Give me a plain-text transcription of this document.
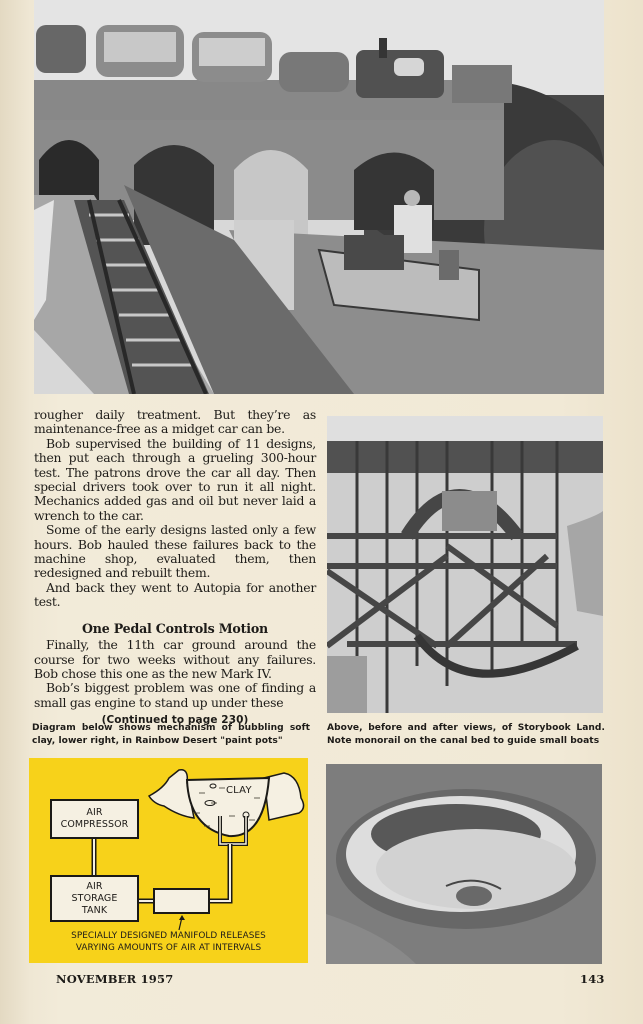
rougher daily treatment. But they’re as maintenance-free as a midget car can be.

Bob supervised the building of 11 designs, then put each through a grueling 300-hour test. The patrons drove the car all day. Then special drivers took over to run it all night. Mechanics added gas and oil but never laid a wrench to the car.

Some of the early designs lasted only a few hours. Bob hauled these failures back to the machine shop, evaluated them, then redesigned and rebuilt them.

And back they went to Autopia for another test.

One Pedal Controls Motion

Finally, the 11th car ground around the course for two weeks without any failures. Bob chose this one as the new Mark IV.

Bob’s biggest problem was one of finding a small gas engine to stand up under these

(Continued to page 230)
Diagram below shows mechanism of bubbling soft clay, lower right, in Rainbow Desert "paint pots"
Above, before and after views, of Storybook Land. Note monorail on the canal bed to guide small boats
AIR
COMPRESSOR
AIR
STORAGE
TANK
CLAY
SPECIALLY DESIGNED MANIFOLD RELEASES
VARYING AMOUNTS OF AIR AT INTERVALS
NOVEMBER 1957	143
